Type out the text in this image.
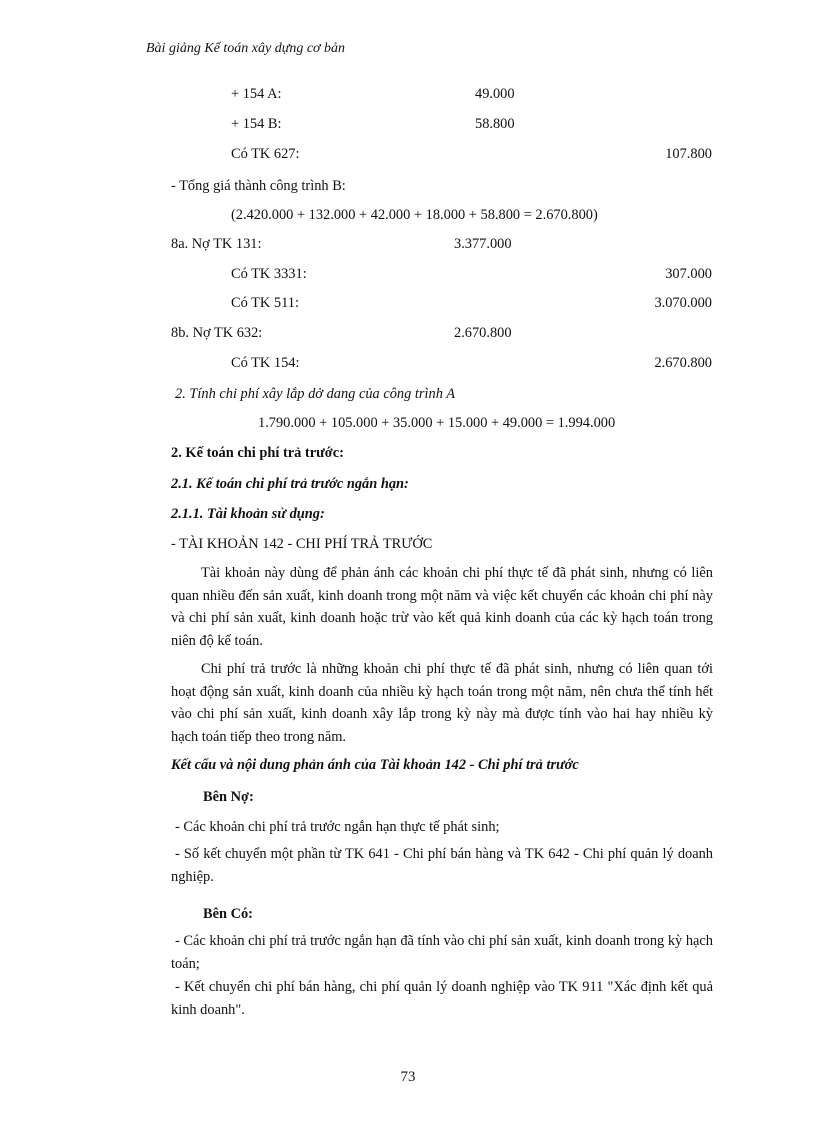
Bài giảng Kế toán xây dựng cơ bản
+ 154 A:	49.000
+ 154 B:	58.800
Có TK 627:	107.800
- Tổng giá thành công trình B:
(2.420.000 + 132.000 + 42.000 + 18.000 + 58.800 = 2.670.800)
8a. Nợ TK 131:	3.377.000
Có TK 3331:	307.000
Có TK 511:	3.070.000
8b. Nợ TK 632:	2.670.800
Có TK 154:	2.670.800
2. Tính chi phí xây lắp dở dang của công trình A
1.790.000 + 105.000 + 35.000 + 15.000 + 49.000 = 1.994.000
2. Kế toán chi phí trả trước:
2.1. Kế toán chi phí trả trước ngắn hạn:
2.1.1. Tài khoản sử dụng:
- TÀI KHOẢN 142 - CHI PHÍ TRẢ TRƯỚC
Tài khoản này dùng để phản ánh các khoản chi phí thực tế đã phát sinh, nhưng có liên quan nhiều đến sản xuất, kinh doanh trong một năm và việc kết chuyển các khoản chi phí này và chi phí sản xuất, kinh doanh hoặc trừ vào kết quả kinh doanh của các kỳ hạch toán trong niên độ kế toán.
Chi phí trả trước là những khoản chi phí thực tế đã phát sinh, nhưng có liên quan tới hoạt động sản xuất, kinh doanh của nhiều kỳ hạch toán trong một năm, nên chưa thể tính hết vào chi phí sản xuất, kinh doanh xây lắp trong kỳ này mà được tính vào hai hay nhiều kỳ hạch toán tiếp theo trong năm.
Kết cấu và nội dung phản ánh của Tài khoản 142 - Chi phí trả trước
Bên Nợ:
- Các khoản chi phí trả trước ngắn hạn thực tế phát sinh;
- Số kết chuyển một phần từ TK 641 - Chi phí bán hàng và TK 642 - Chi phí quản lý doanh nghiệp.
Bên Có:
- Các khoản chi phí trả trước ngắn hạn đã tính vào chi phí sản xuất, kinh doanh trong kỳ hạch toán;
- Kết chuyển chi phí bán hàng, chi phí quản lý doanh nghiệp vào TK 911 "Xác định kết quả kinh doanh".
73
